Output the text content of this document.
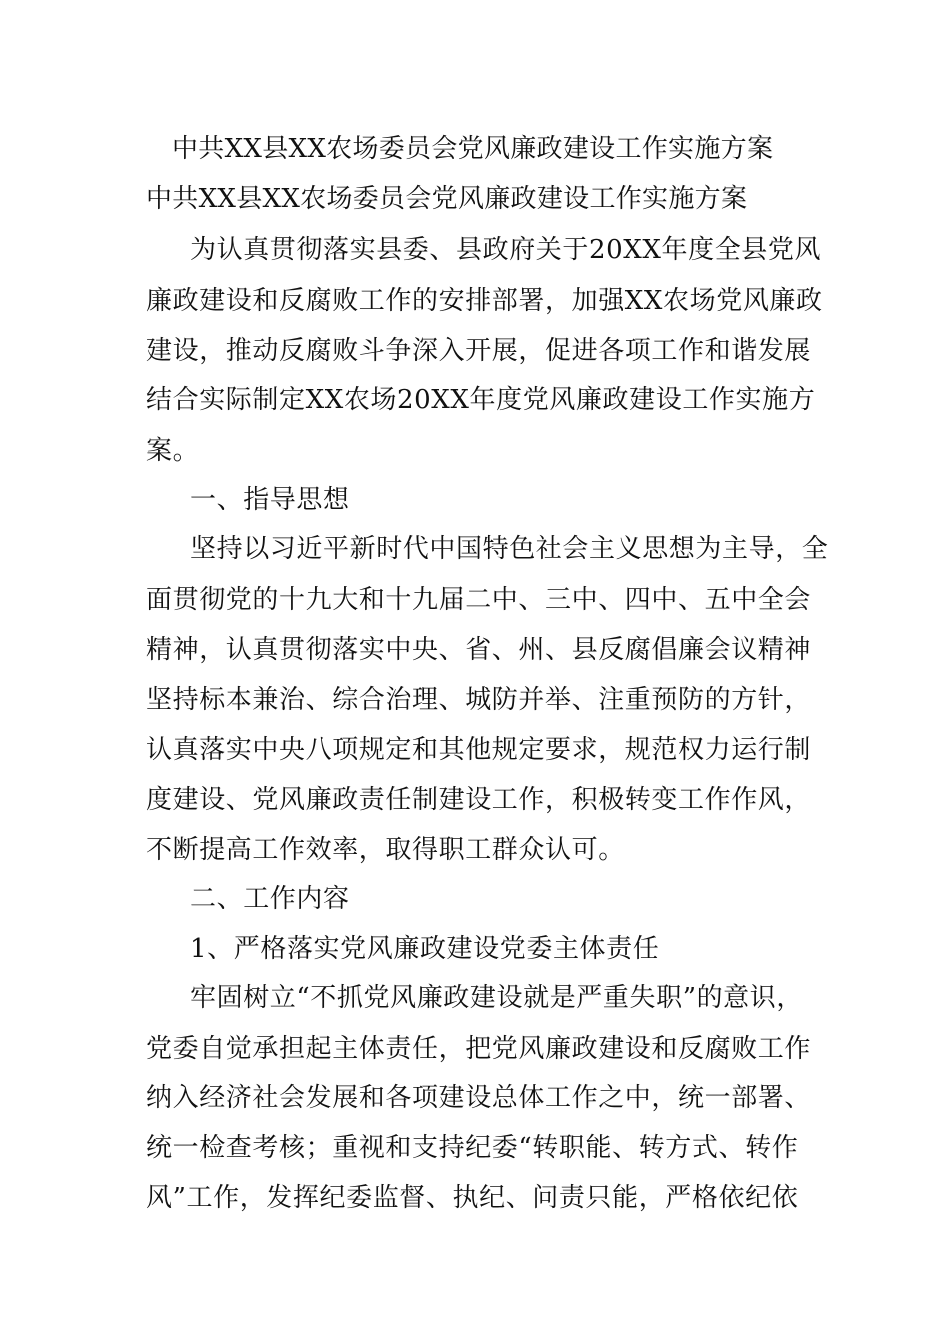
中共XX县XX农场委员会党风廉政建设工作实施方案
中共XX县XX农场委员会党风廉政建设工作实施方案
为认真贯彻落实县委、县政府关于20XX年度全县党风
廉政建设和反腐败工作的安排部署，加强XX农场党风廉政
建设，推动反腐败斗争深入开展，促进各项工作和谐发展
结合实际制定XX农场20XX年度党风廉政建设工作实施方
案。
一、指导思想
坚持以习近平新时代中国特色社会主义思想为主导，全
面贯彻党的十九大和十九届二中、三中、四中、五中全会
精神，认真贯彻落实中央、省、州、县反腐倡廉会议精神
坚持标本兼治、综合治理、城防并举、注重预防的方针，
认真落实中央八项规定和其他规定要求，规范权力运行制
度建设、党风廉政责任制建设工作，积极转变工作作风，
不断提高工作效率，取得职工群众认可。
二、工作内容
1、严格落实党风廉政建设党委主体责任
牢固树立“不抓党风廉政建设就是严重失职”的意识，
党委自觉承担起主体责任，把党风廉政建设和反腐败工作
纳入经济社会发展和各项建设总体工作之中，统一部署、
统一检查考核；重视和支持纪委“转职能、转方式、转作
风”工作，发挥纪委监督、执纪、问责只能，严格依纪依
